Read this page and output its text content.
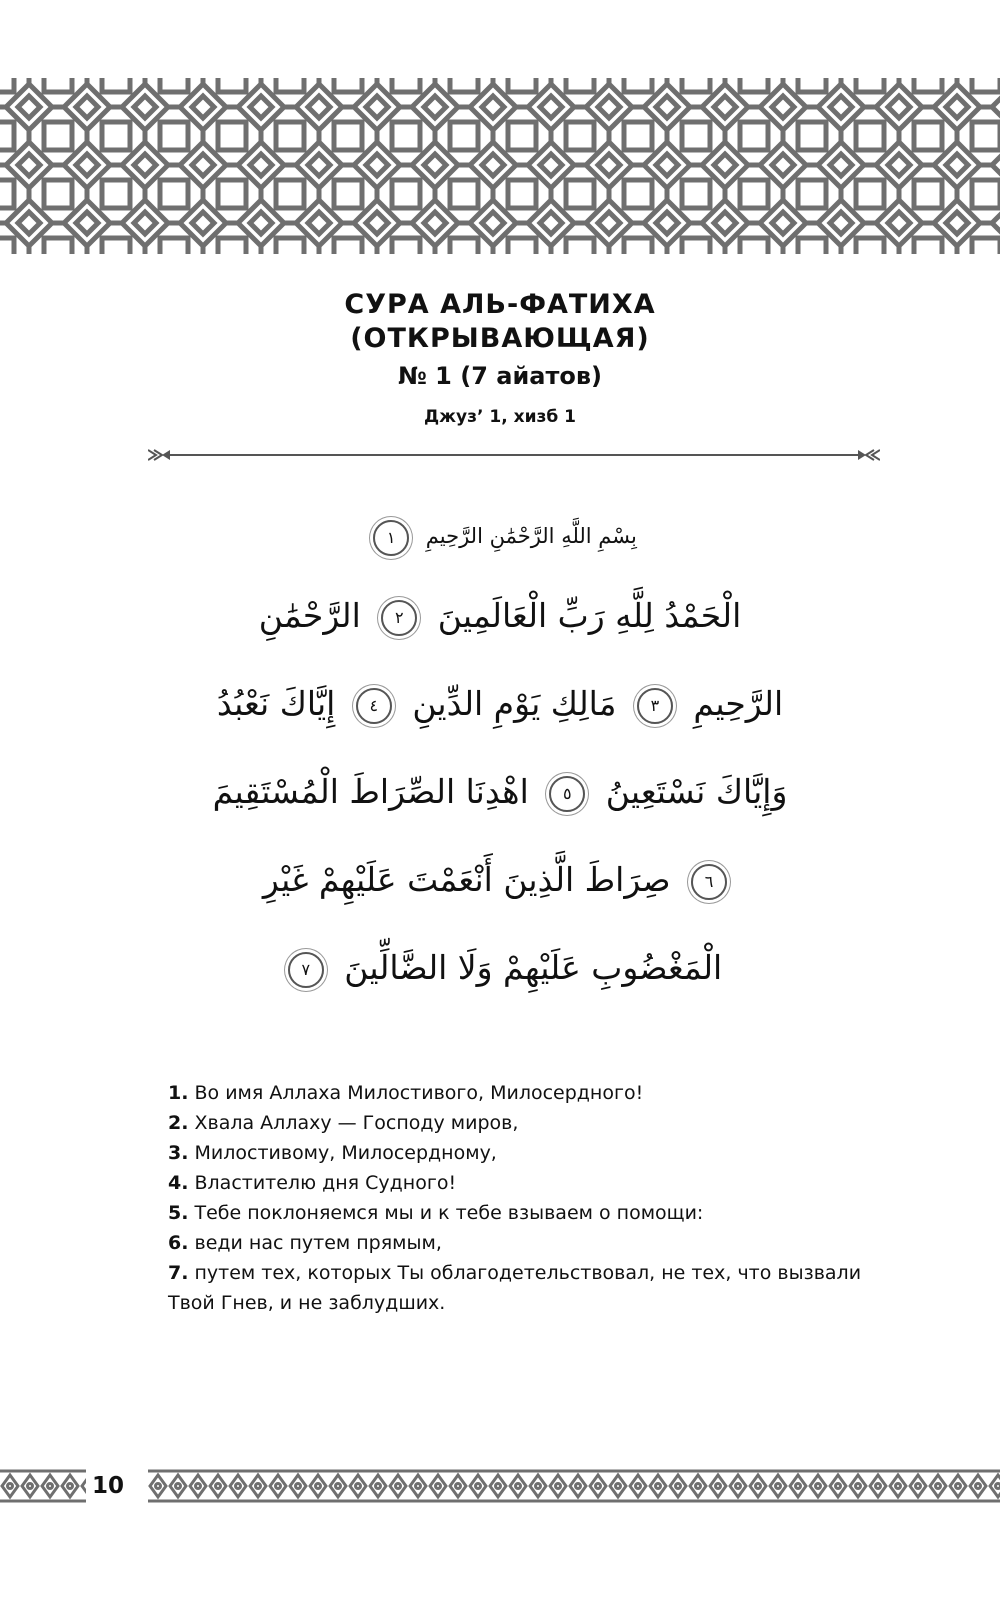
СУРА АЛЬ-ФАТИХА
(ОТКРЫВАЮЩАЯ)
№ 1 (7 айатов)
Джуз’ 1, хизб 1
بِسْمِ اللَّهِ الرَّحْمَٰنِ الرَّحِيمِ ١
الْحَمْدُ لِلَّهِ رَبِّ الْعَالَمِينَ ٢ الرَّحْمَٰنِ
الرَّحِيمِ ٣ مَالِكِ يَوْمِ الدِّينِ ٤ إِيَّاكَ نَعْبُدُ
وَإِيَّاكَ نَسْتَعِينُ ٥ اهْدِنَا الصِّرَاطَ الْمُسْتَقِيمَ
٦ صِرَاطَ الَّذِينَ أَنْعَمْتَ عَلَيْهِمْ غَيْرِ
الْمَغْضُوبِ عَلَيْهِمْ وَلَا الضَّالِّينَ ٧

1. Во имя Аллаха Милостивого, Милосердного!

2. Хвала Аллаху — Господу миров,

3. Милостивому, Милосердному,

4. Властителю дня Судного!

5. Тебе поклоняемся мы и к тебе взываем о помощи:

6. веди нас путем прямым,

7. путем тех, которых Ты облагодетельствовал, не тех, что вызвали Твой Гнев, и не заблудших.

10
